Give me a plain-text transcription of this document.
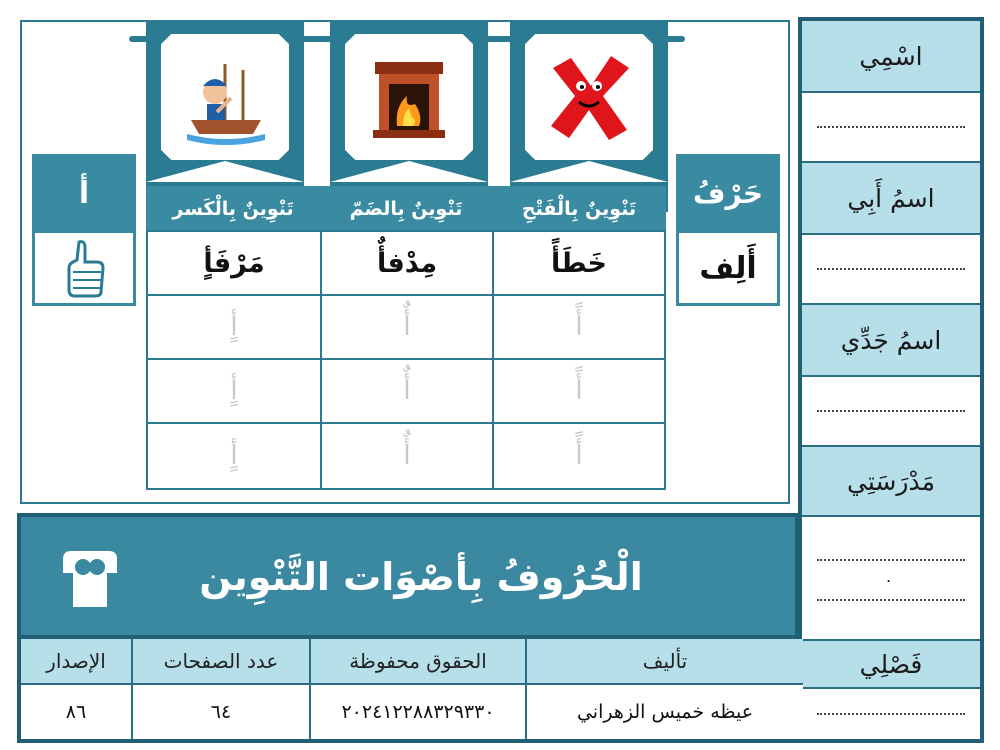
اسْمِي
اسمُ أَبِي
اسمُ جَدِّي
مَدْرَسَتِي
.
فَصْلِي
تَنْوِينٌ بِالْكَسر	تَنْوِينٌ بِالضَمّ	تَنْوِينٌ بِالْفَتْحِ
مَرْفَأٍ	مِدْفأٌ	خَطَأً
أٍ	أٌ	أً
أٍ	أٌ	أً
أٍ	أٌ	أً
حَرْفُ
أَلِف
أ
الْحُرُوفُ بِأصْوَات التَّنْوِين
الإصدار	عدد الصفحات	الحقوق محفوظة	تأليف
٨٦	٦٤	٢٠٢٤١٢٢٨٨٣٢٩٣٣٠	عيظه خميس الزهراني
